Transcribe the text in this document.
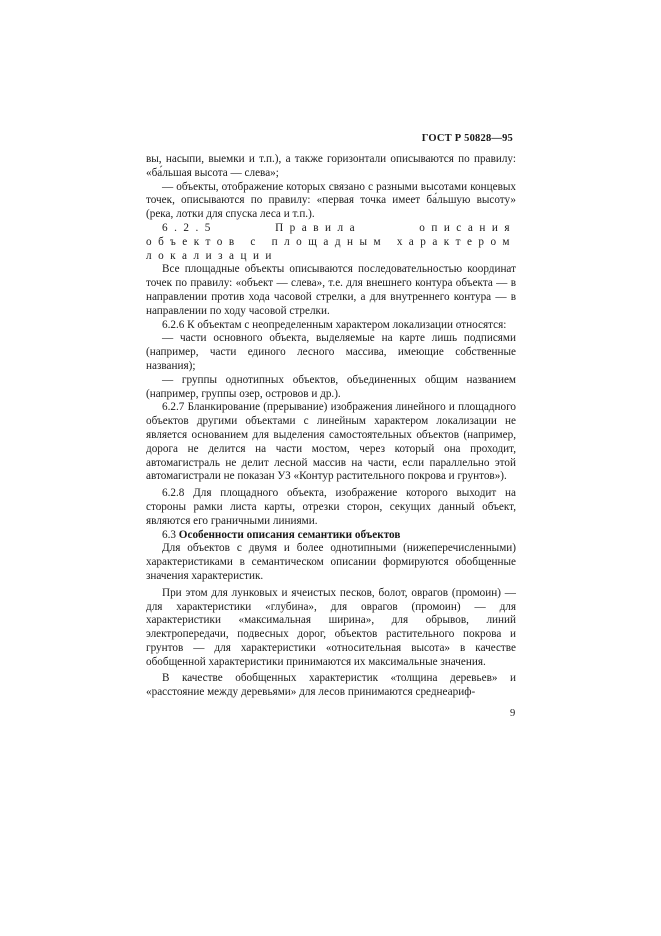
ГОСТ Р 50828—95

вы, насыпи, выемки и т.п.), а также горизонтали описываются по правилу: «ба́льшая высота — слева»;

— объекты, отображение которых связано с разными высотами концевых точек, описываются по правилу: «первая точка имеет ба́льшую высоту» (река, лотки для спуска леса и т.п.).

6.2.5 Правила описания объектов с площадным характером локализации

Все площадные объекты описываются последовательностью координат точек по правилу: «объект — слева», т.е. для внешнего контура объекта — в направлении против хода часовой стрелки, а для внутреннего контура — в направлении по ходу часовой стрелки.

6.2.6 К объектам с неопределенным характером локализации относятся:

— части основного объекта, выделяемые на карте лишь подписями (например, части единого лесного массива, имеющие собственные названия);

— группы однотипных объектов, объединенных общим названием (например, группы озер, островов и др.).

6.2.7 Бланкирование (прерывание) изображения линейного и площадного объектов другими объектами с линейным характером локализации не является основанием для выделения самостоятельных объектов (например, дорога не делится на части мостом, через который она проходит, автомагистраль не делит лесной массив на части, если параллельно этой автомагистрали не показан УЗ «Контур растительного покрова и грунтов»).

6.2.8 Для площадного объекта, изображение которого выходит на стороны рамки листа карты, отрезки сторон, секущих данный объект, являются его граничными линиями.

6.3 Особенности описания семантики объектов

Для объектов с двумя и более однотипными (нижеперечисленными) характеристиками в семантическом описании формируются обобщенные значения характеристик.

При этом для лунковых и ячеистых песков, болот, оврагов (промоин) — для характеристики «глубина», для оврагов (промоин) — для характеристики «максимальная ширина», для обрывов, линий электропередачи, подвесных дорог, объектов растительного покрова и грунтов — для характеристики «относительная высота» в качестве обобщенной характеристики принимаются их максимальные значения.

В качестве обобщенных характеристик «толщина деревьев» и «расстояние между деревьями» для лесов принимаются среднеариф-

9
